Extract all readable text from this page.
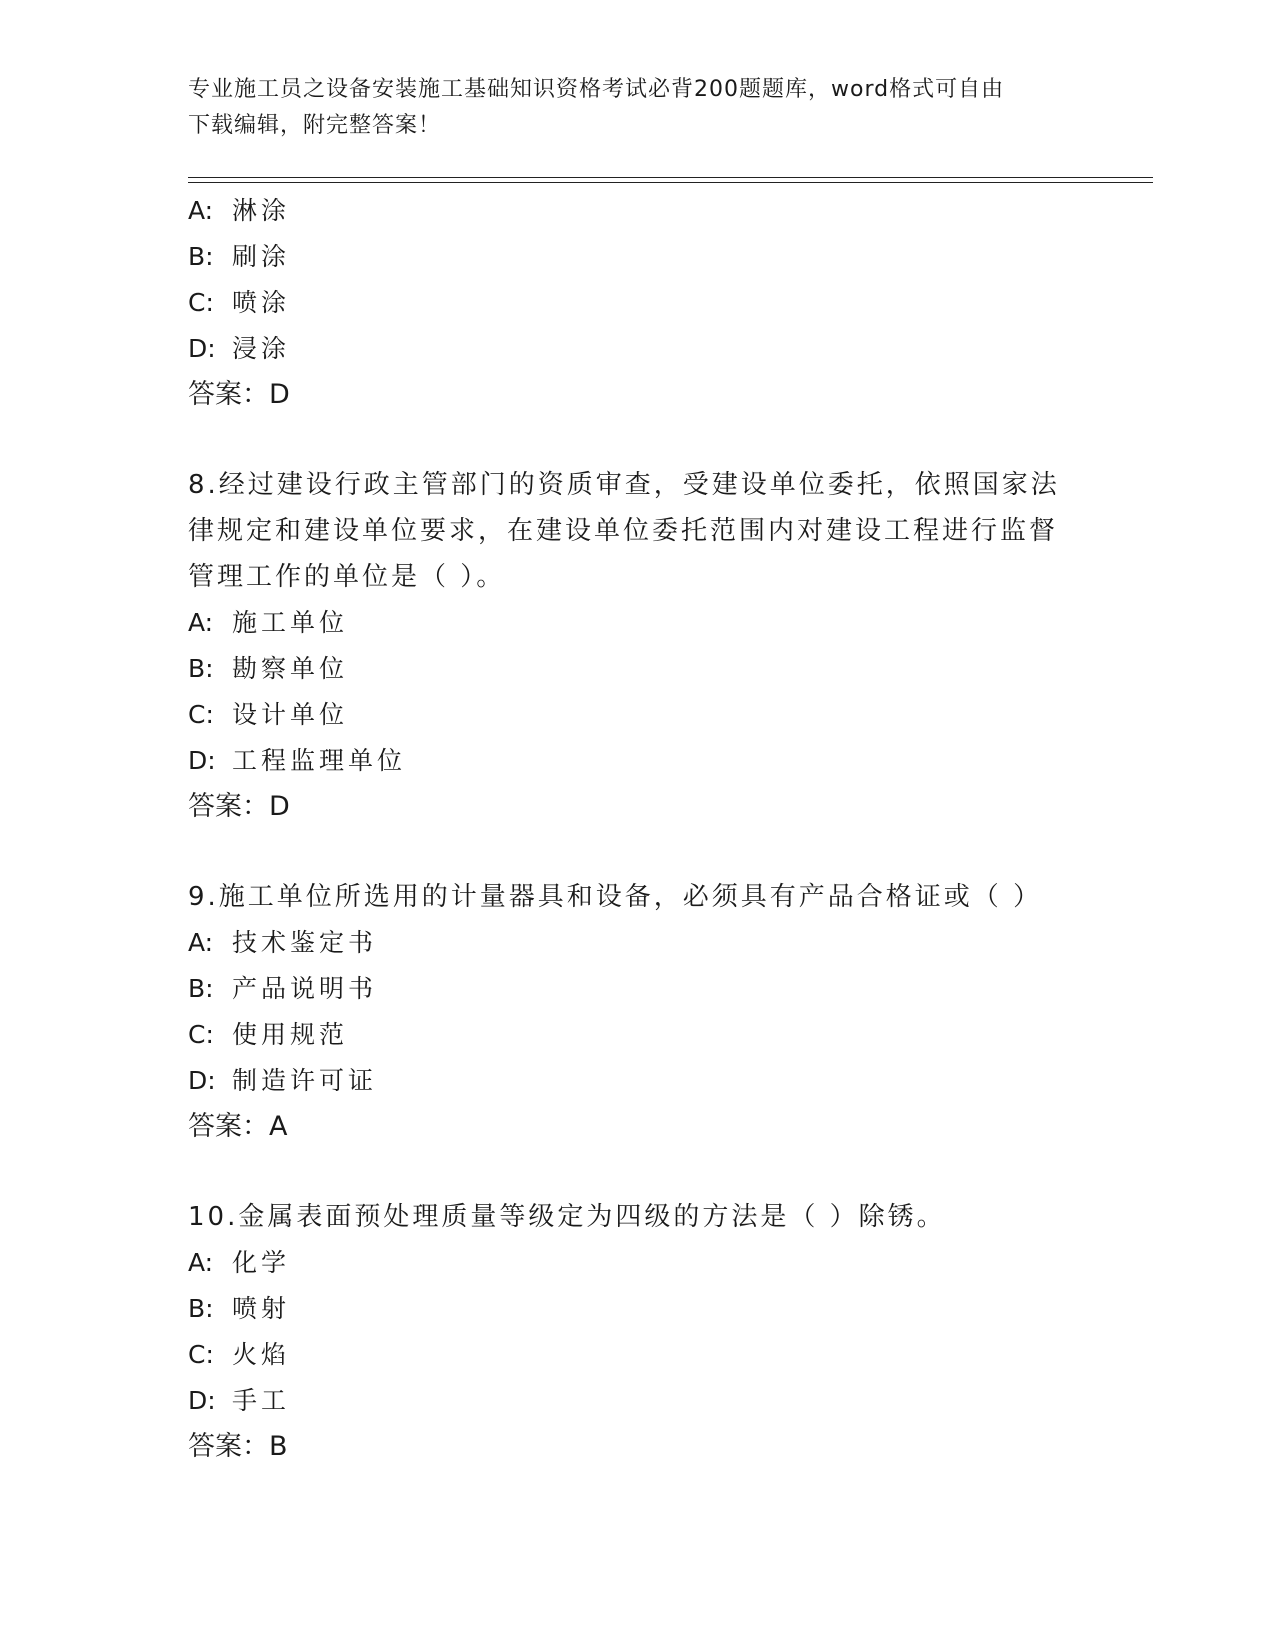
专业施工员之设备安装施工基础知识资格考试必背200题题库，word格式可自由
下载编辑，附完整答案！
A: 淋涂
B: 刷涂
C: 喷涂
D: 浸涂
答案：D
8.经过建设行政主管部门的资质审查，受建设单位委托，依照国家法
律规定和建设单位要求，在建设单位委托范围内对建设工程进行监督
管理工作的单位是（ ）。
A: 施工单位
B: 勘察单位
C: 设计单位
D: 工程监理单位
答案：D
9.施工单位所选用的计量器具和设备，必须具有产品合格证或（ ）
A: 技术鉴定书
B: 产品说明书
C: 使用规范
D: 制造许可证
答案：A
10.金属表面预处理质量等级定为四级的方法是（ ）除锈。
A: 化学
B: 喷射
C: 火焰
D: 手工
答案：B
